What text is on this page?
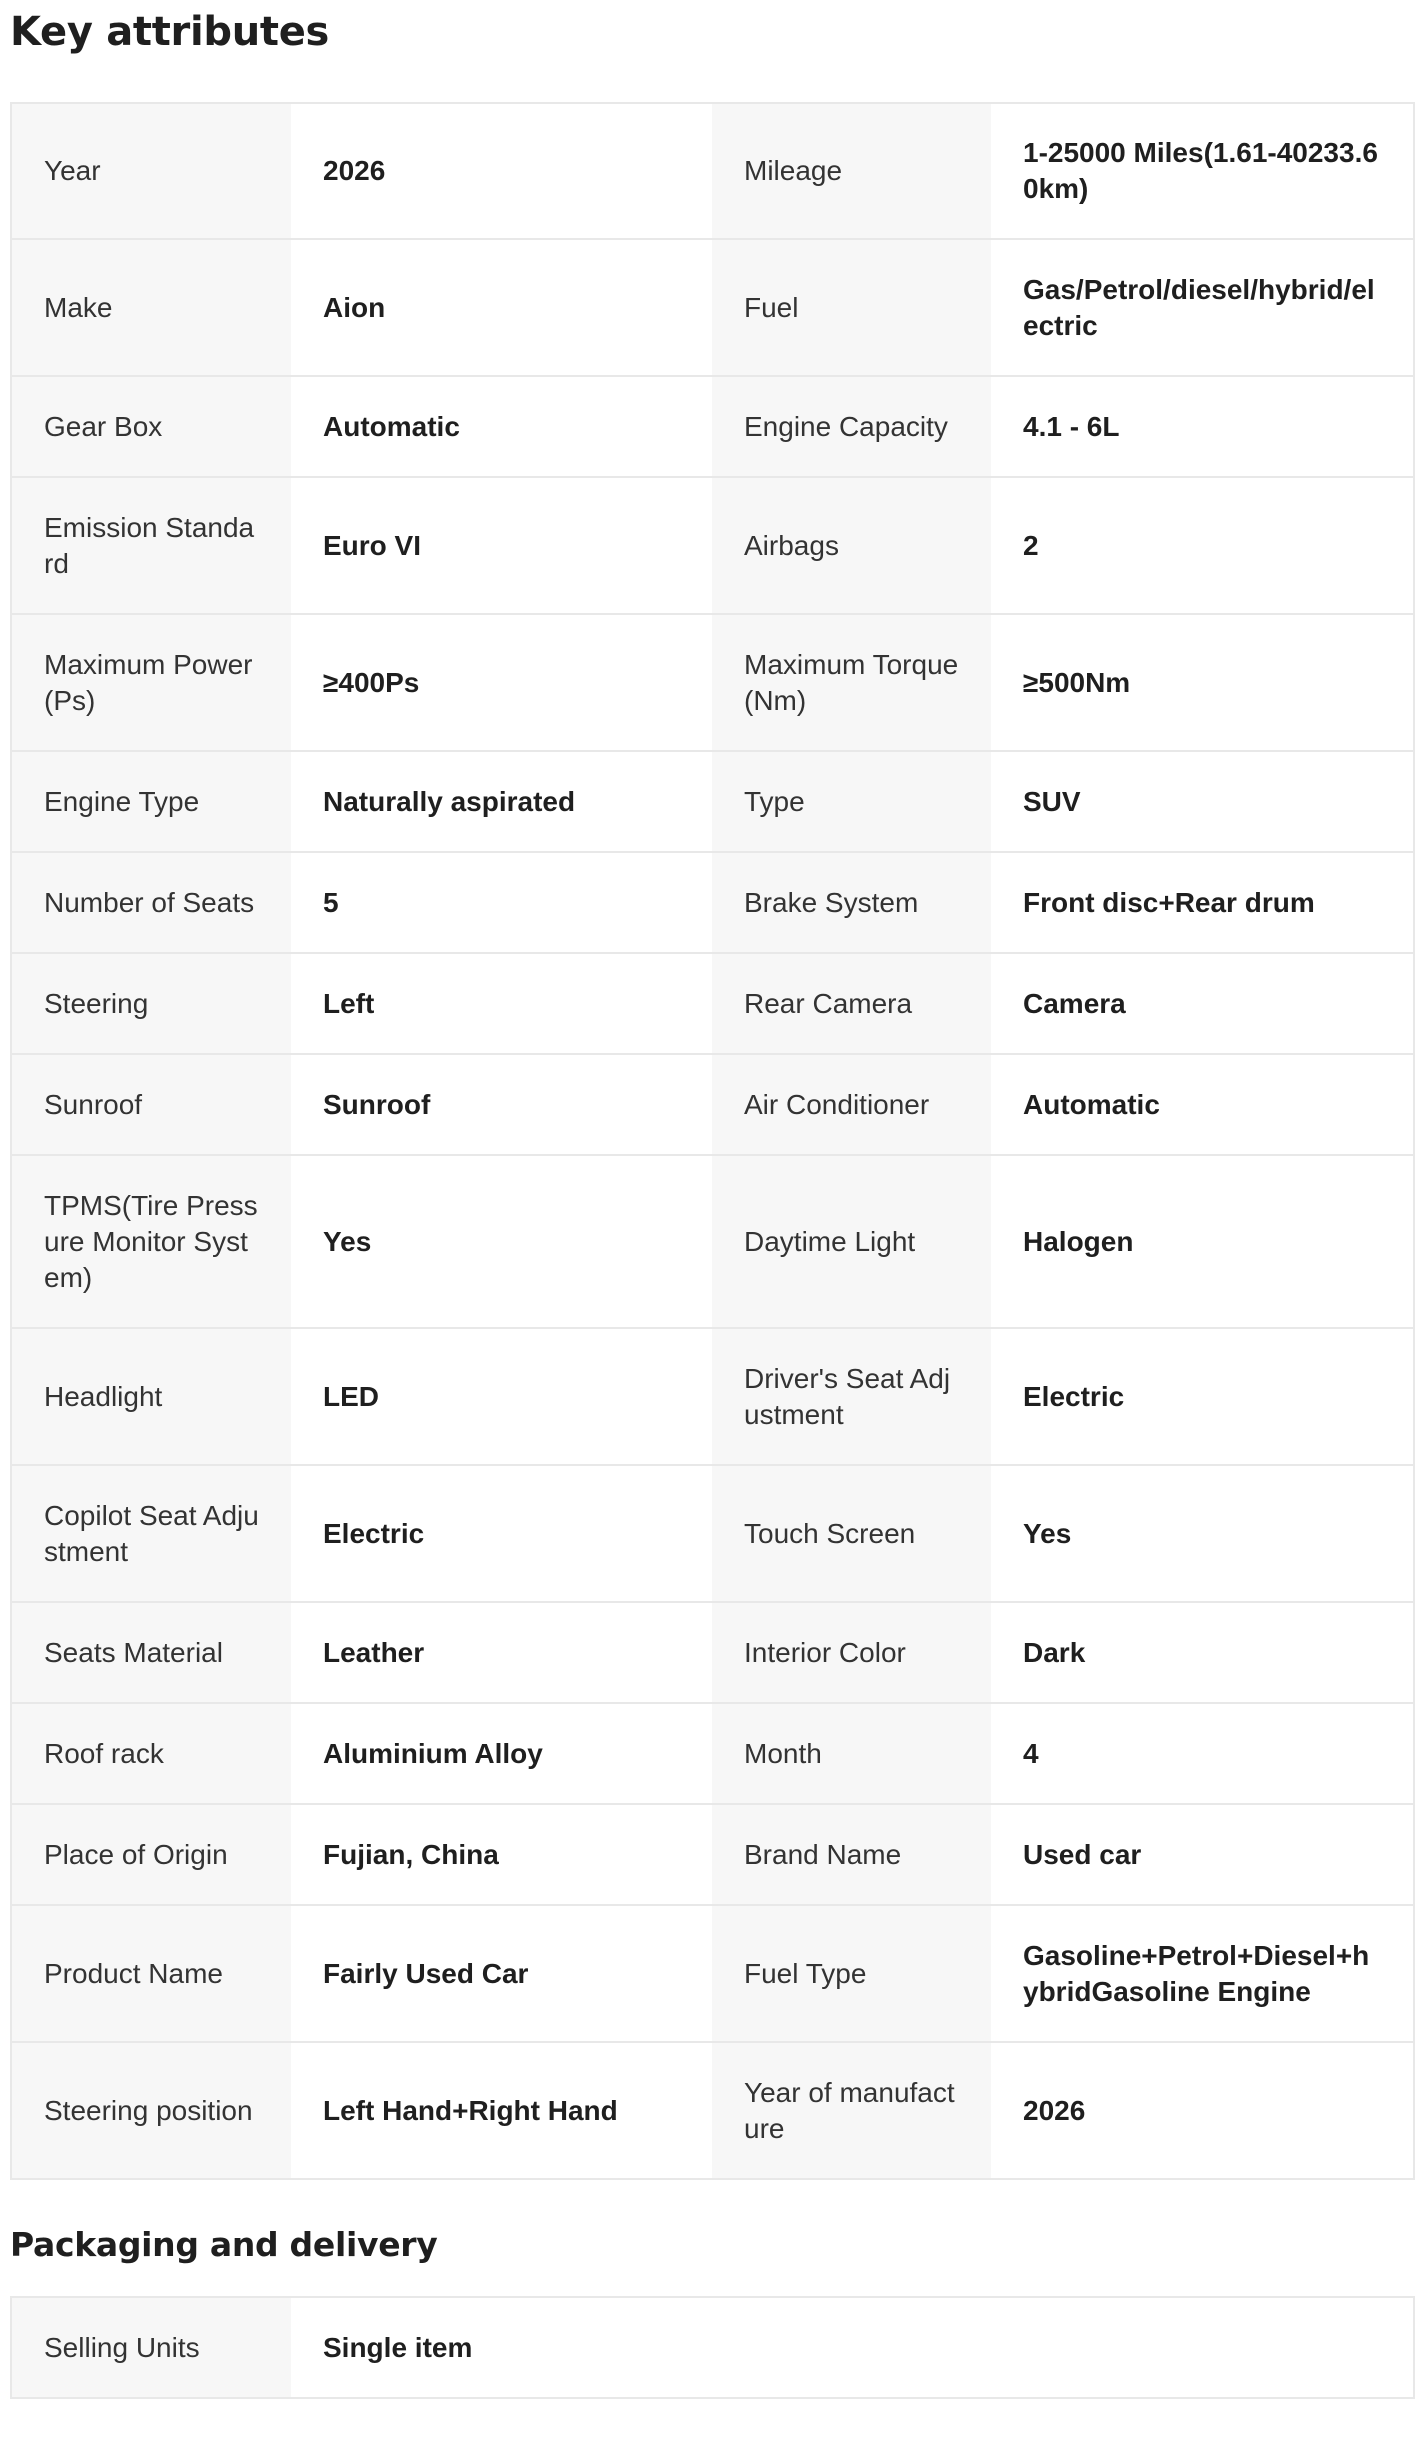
Key attributes
Year	2026	Mileage	1-25000 Miles(1.61-40233.60km)
Make	Aion	Fuel	Gas/Petrol/diesel/hybrid/electric
Gear Box	Automatic	Engine Capacity	4.1 - 6L
Emission Standard	Euro VI	Airbags	2
Maximum Power(Ps)	≥400Ps	Maximum Torque(Nm)	≥500Nm
Engine Type	Naturally aspirated	Type	SUV
Number of Seats	5	Brake System	Front disc+Rear drum
Steering	Left	Rear Camera	Camera
Sunroof	Sunroof	Air Conditioner	Automatic
TPMS(Tire Pressure Monitor System)	Yes	Daytime Light	Halogen
Headlight	LED	Driver's Seat Adjustment	Electric
Copilot Seat Adjustment	Electric	Touch Screen	Yes
Seats Material	Leather	Interior Color	Dark
Roof rack	Aluminium Alloy	Month	4
Place of Origin	Fujian, China	Brand Name	Used car
Product Name	Fairly Used Car	Fuel Type	Gasoline+Petrol+Diesel+hybridGasoline Engine
Steering position	Left Hand+Right Hand	Year of manufacture	2026
Packaging and delivery
Selling Units	Single item
